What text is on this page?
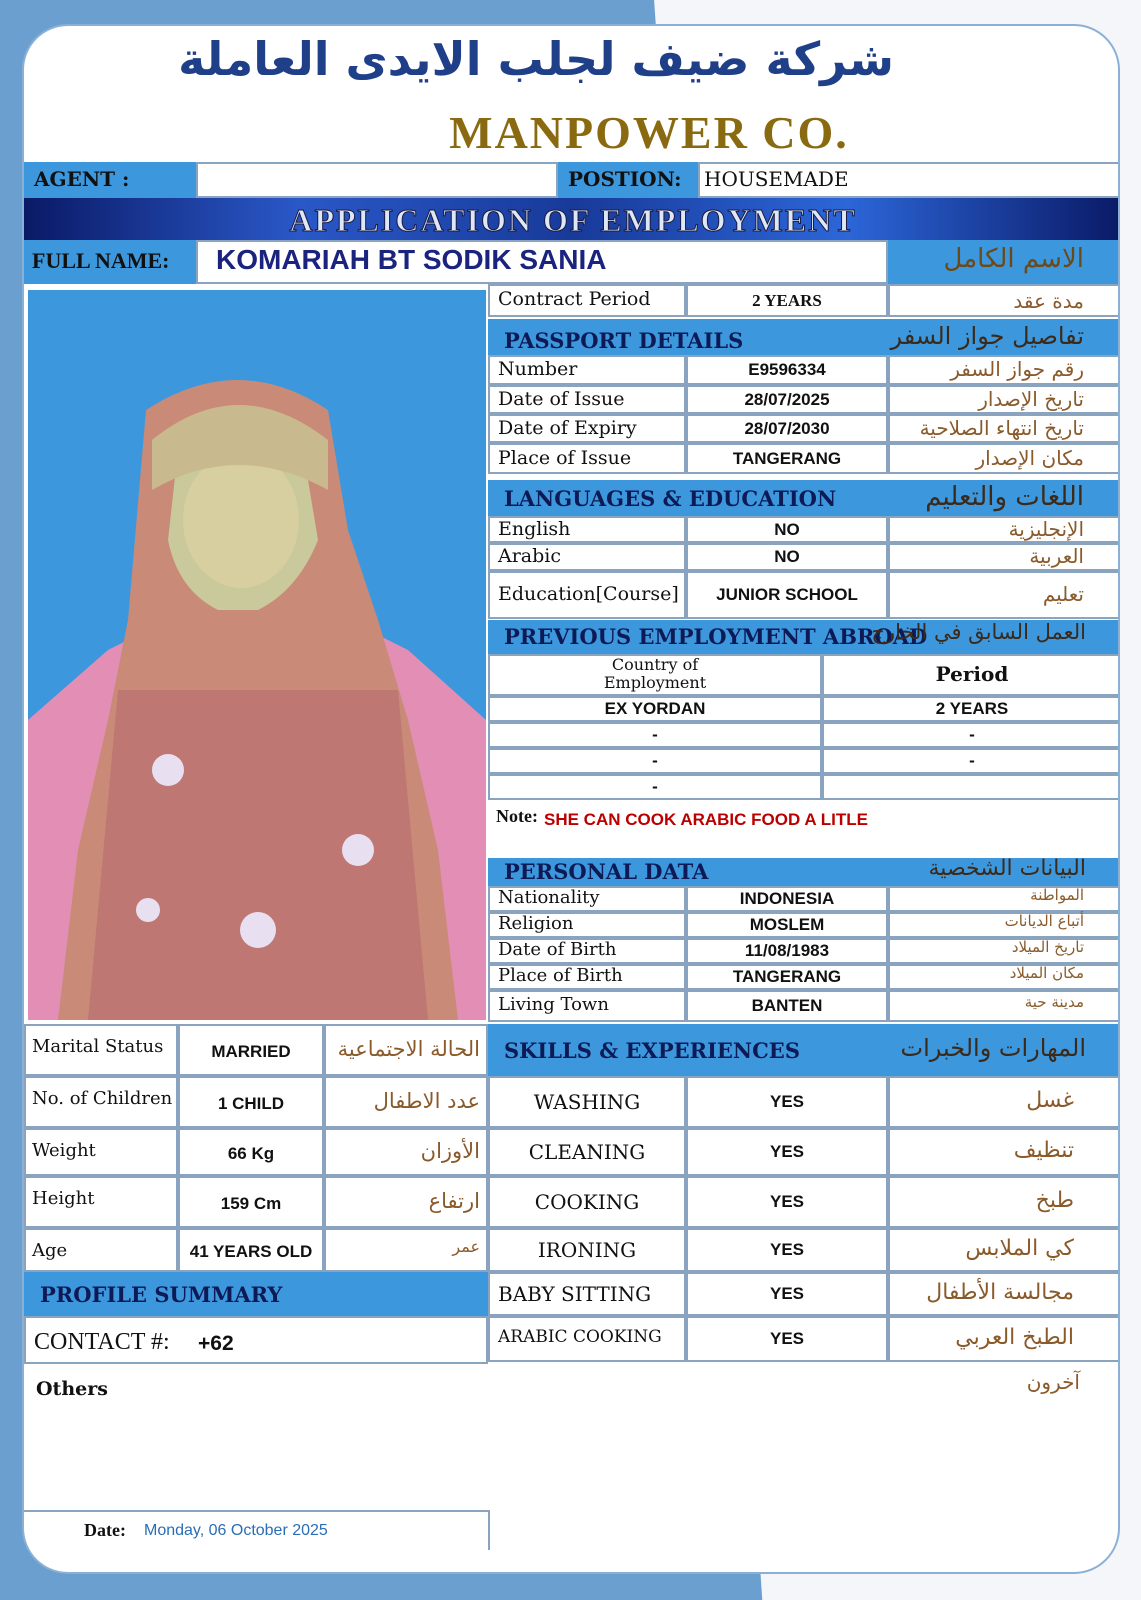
شركة ضيف لجلب الايدى العاملة
MANPOWER CO.
AGENT :	POSTION: HOUSEMADE
APPLICATION OF EMPLOYMENT
FULL NAME: KOMARIAH BT SODIK SANIA	الاسم الكامل
Contract Period	2 YEARS	مدة عقد
PASSPORT DETAILS	تفاصيل جواز السفر
LANGUAGES & EDUCATION	اللغات والتعليم
PREVIOUS EMPLOYMENT ABROAD
العمل السابق في الخارج
Country of Employment	Period
Note: SHE CAN COOK ARABIC FOOD A LITLE
PERSONAL DATA	البيانات الشخصية
SKILLS & EXPERIENCES	المهارات والخبرات
PROFILE SUMMARY
CONTACT #: +62
Others	آخرون
Date: Monday, 06 October 2025
Number	E9596334	رقم جواز السفر
Date of Issue	28/07/2025	تاريخ الإصدار
Date of Expiry	28/07/2030	تاريخ انتهاء الصلاحية
Place of Issue	TANGERANG	مكان الإصدار
English	NO	الإنجليزية
Arabic	NO	العربية
Education[Course]	JUNIOR SCHOOL	تعليم
Nationality	INDONESIA	المواطنة
Religion	MOSLEM	أتباع الديانات
Date of Birth	11/08/1983	تاريخ الميلاد
Place of Birth	TANGERANG	مكان الميلاد
Living Town	BANTEN	مدينة حية
EX YORDAN	2 YEARS
-	-
-	-
-
Marital Status	MARRIED	الحالة الاجتماعية
No. of Children	1 CHILD	عدد الاطفال
Weight	66 Kg	الأوزان
Height	159 Cm	ارتفاع
Age	41 YEARS OLD	عمر
WASHING	YES	غسل
CLEANING	YES	تنظيف
COOKING	YES	طبخ
IRONING	YES	كي الملابس
BABY SITTING	YES	مجالسة الأطفال
ARABIC COOKING	YES	الطبخ العربي
